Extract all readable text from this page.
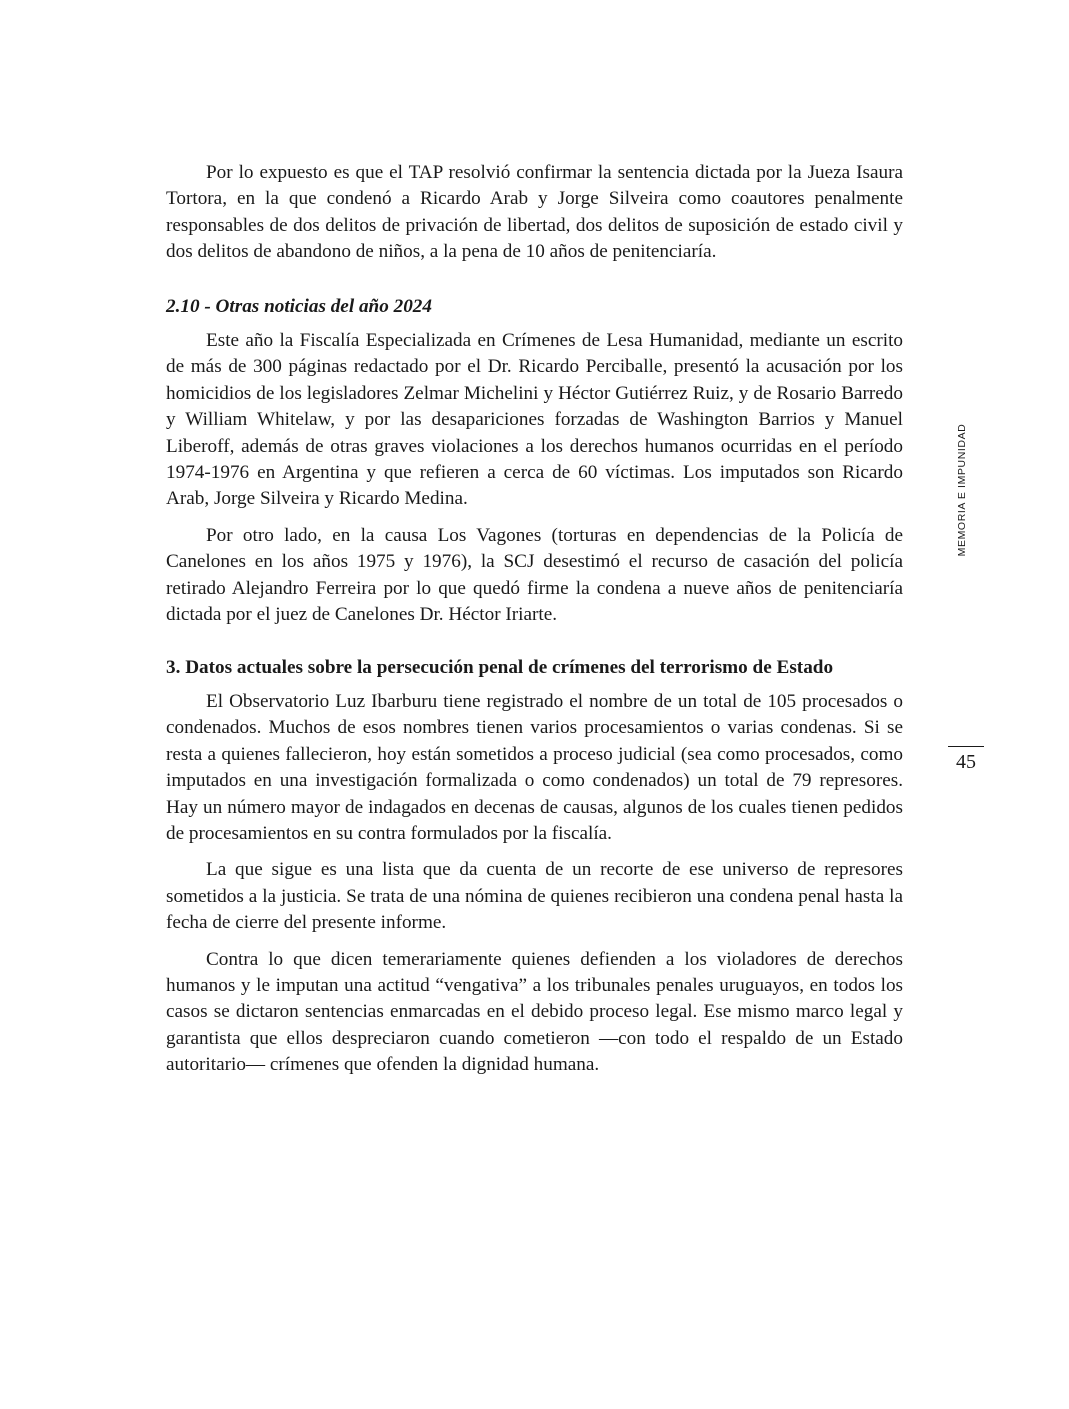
Por lo expuesto es que el TAP resolvió confirmar la sentencia dictada por la Jueza Isaura Tortora, en la que condenó a Ricardo Arab y Jorge Silveira como coautores penalmente responsables de dos delitos de privación de libertad, dos delitos de suposición de estado civil y dos delitos de abandono de niños, a la pena de 10 años de penitenciaría.

2.10 - Otras noticias del año 2024

Este año la Fiscalía Especializada en Crímenes de Lesa Humanidad, mediante un escrito de más de 300 páginas redactado por el Dr. Ricardo Perciballe, presentó la acusación por los homicidios de los legisladores Zelmar Michelini y Héctor Gutiérrez Ruiz, y de Rosario Barredo y William Whitelaw, y por las desapariciones forzadas de Washington Barrios y Manuel Liberoff, además de otras graves violaciones a los derechos humanos ocurridas en el período 1974-1976 en Argentina y que refieren a cerca de 60 víctimas. Los imputados son Ricardo Arab, Jorge Silveira y Ricardo Medina.

Por otro lado, en la causa Los Vagones (torturas en dependencias de la Policía de Canelones en los años 1975 y 1976), la SCJ desestimó el recurso de casación del policía retirado Alejandro Ferreira por lo que quedó firme la condena a nueve años de penitenciaría dictada por el juez de Canelones Dr. Héctor Iriarte.

3. Datos actuales sobre la persecución penal de crímenes del terrorismo de Estado

El Observatorio Luz Ibarburu tiene registrado el nombre de un total de 105 procesados o condenados. Muchos de esos nombres tienen varios procesamientos o varias condenas. Si se resta a quienes fallecieron, hoy están sometidos a proceso judicial (sea como procesados, como imputados en una investigación formalizada o como condenados) un total de 79 represores. Hay un número mayor de indagados en decenas de causas, algunos de los cuales tienen pedidos de procesamientos en su contra formulados por la fiscalía.

La que sigue es una lista que da cuenta de un recorte de ese universo de represores sometidos a la justicia. Se trata de una nómina de quienes recibieron una condena penal hasta la fecha de cierre del presente informe.

Contra lo que dicen temerariamente quienes defienden a los violadores de derechos humanos y le imputan una actitud “vengativa” a los tribunales penales uruguayos, en todos los casos se dictaron sentencias enmarcadas en el debido proceso legal. Ese mismo marco legal y garantista que ellos despreciaron cuando cometieron —con todo el respaldo de un Estado autoritario— crímenes que ofenden la dignidad humana.

MEMORIA E IMPUNIDAD
45
